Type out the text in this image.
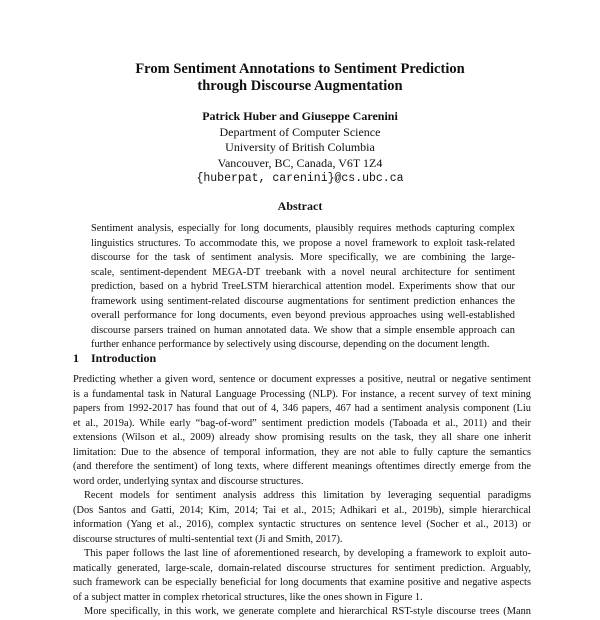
From Sentiment Annotations to Sentiment Prediction
through Discourse Augmentation
Patrick Huber and Giuseppe Carenini
Department of Computer Science
University of British Columbia
Vancouver, BC, Canada, V6T 1Z4
{huberpat, carenini}@cs.ubc.ca
Abstract
Sentiment analysis, especially for long documents, plausibly requires methods capturing complex
linguistics structures. To accommodate this, we propose a novel framework to exploit task-related
discourse for the task of sentiment analysis. More specifically, we are combining the large-
scale, sentiment-dependent MEGA-DT treebank with a novel neural architecture for sentiment
prediction, based on a hybrid TreeLSTM hierarchical attention model. Experiments show that our
framework using sentiment-related discourse augmentations for sentiment prediction enhances the
overall performance for long documents, even beyond previous approaches using well-established
discourse parsers trained on human annotated data. We show that a simple ensemble approach can
further enhance performance by selectively using discourse, depending on the document length.
1 Introduction
Predicting whether a given word, sentence or document expresses a positive, neutral or negative sentiment
is a fundamental task in Natural Language Processing (NLP). For instance, a recent survey of text mining
papers from 1992-2017 has found that out of 4, 346 papers, 467 had a sentiment analysis component (Liu
et al., 2019a). While early “bag-of-word” sentiment prediction models (Taboada et al., 2011) and their
extensions (Wilson et al., 2009) already show promising results on the task, they all share one inherit
limitation: Due to the absence of temporal information, they are not able to fully capture the semantics
(and therefore the sentiment) of long texts, where different meanings oftentimes directly emerge from the
word order, underlying syntax and discourse structures.
Recent models for sentiment analysis address this limitation by leveraging sequential paradigms
(Dos Santos and Gatti, 2014; Kim, 2014; Tai et al., 2015; Adhikari et al., 2019b), simple hierarchical
information (Yang et al., 2016), complex syntactic structures on sentence level (Socher et al., 2013) or
discourse structures of multi-sentential text (Ji and Smith, 2017).
This paper follows the last line of aforementioned research, by developing a framework to exploit auto-
matically generated, large-scale, domain-related discourse structures for sentiment prediction. Arguably,
such framework can be especially beneficial for long documents that examine positive and negative aspects
of a subject matter in complex rhetorical structures, like the ones shown in Figure 1.
More specifically, in this work, we generate complete and hierarchical RST-style discourse trees (Mann
